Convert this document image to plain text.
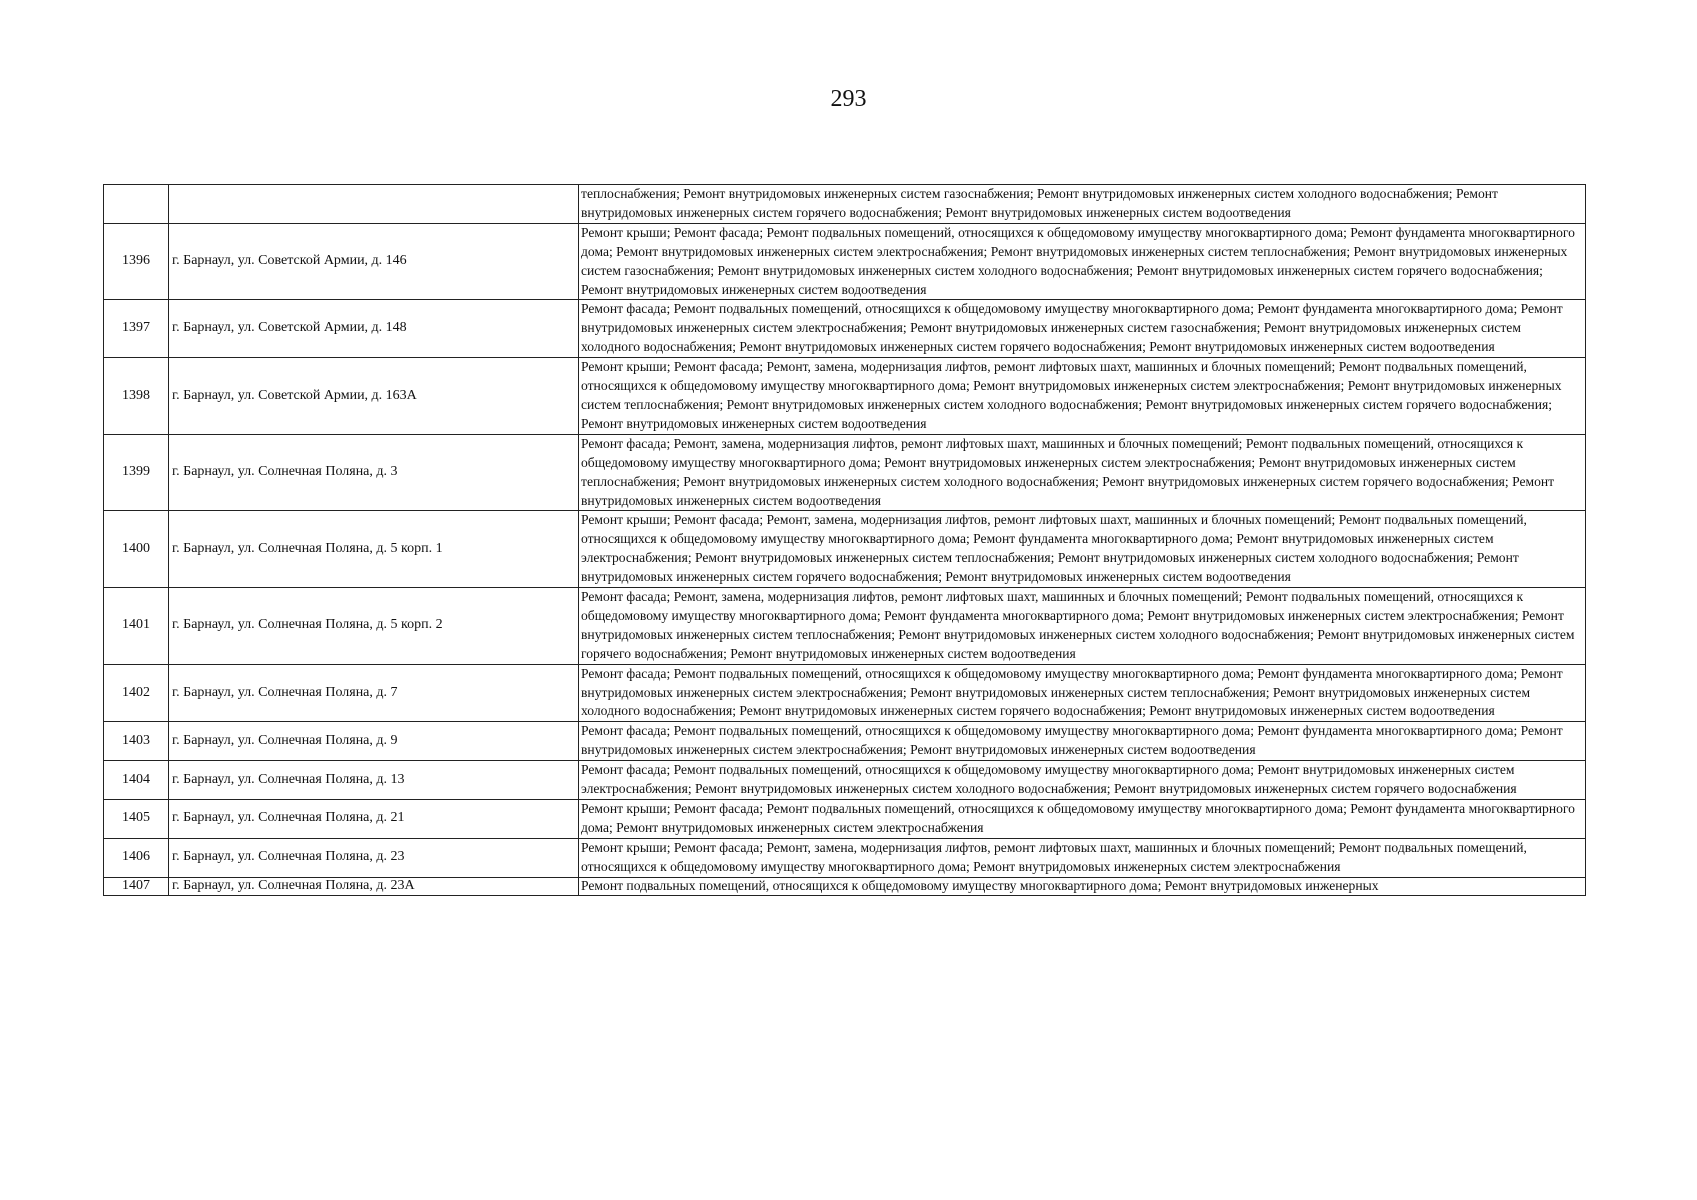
293
		теплоснабжения; Ремонт внутридомовых инженерных систем газоснабжения; Ремонт внутридомовых инженерных систем холодного водоснабжения; Ремонт внутридомовых инженерных систем горячего водоснабжения; Ремонт внутридомовых инженерных систем водоотведения
1396	г. Барнаул, ул. Советской Армии, д. 146	Ремонт крыши; Ремонт фасада; Ремонт подвальных помещений, относящихся к общедомовому имуществу многоквартирного дома; Ремонт фундамента многоквартирного дома; Ремонт внутридомовых инженерных систем электроснабжения; Ремонт внутридомовых инженерных систем теплоснабжения; Ремонт внутридомовых инженерных систем газоснабжения; Ремонт внутридомовых инженерных систем холодного водоснабжения; Ремонт внутридомовых инженерных систем горячего водоснабжения; Ремонт внутридомовых инженерных систем водоотведения
1397	г. Барнаул, ул. Советской Армии, д. 148	Ремонт фасада; Ремонт подвальных помещений, относящихся к общедомовому имуществу многоквартирного дома; Ремонт фундамента многоквартирного дома; Ремонт внутридомовых инженерных систем электроснабжения; Ремонт внутридомовых инженерных систем газоснабжения; Ремонт внутридомовых инженерных систем холодного водоснабжения; Ремонт внутридомовых инженерных систем горячего водоснабжения; Ремонт внутридомовых инженерных систем водоотведения
1398	г. Барнаул, ул. Советской Армии, д. 163А	Ремонт крыши; Ремонт фасада; Ремонт, замена, модернизация лифтов, ремонт лифтовых шахт, машинных и блочных помещений; Ремонт подвальных помещений, относящихся к общедомовому имуществу многоквартирного дома; Ремонт внутридомовых инженерных систем электроснабжения; Ремонт внутридомовых инженерных систем теплоснабжения; Ремонт внутридомовых инженерных систем холодного водоснабжения; Ремонт внутридомовых инженерных систем горячего водоснабжения; Ремонт внутридомовых инженерных систем водоотведения
1399	г. Барнаул, ул. Солнечная Поляна, д. 3	Ремонт фасада; Ремонт, замена, модернизация лифтов, ремонт лифтовых шахт, машинных и блочных помещений; Ремонт подвальных помещений, относящихся к общедомовому имуществу многоквартирного дома; Ремонт внутридомовых инженерных систем электроснабжения; Ремонт внутридомовых инженерных систем теплоснабжения; Ремонт внутридомовых инженерных систем холодного водоснабжения; Ремонт внутридомовых инженерных систем горячего водоснабжения; Ремонт внутридомовых инженерных систем водоотведения
1400	г. Барнаул, ул. Солнечная Поляна, д. 5 корп. 1	Ремонт крыши; Ремонт фасада; Ремонт, замена, модернизация лифтов, ремонт лифтовых шахт, машинных и блочных помещений; Ремонт подвальных помещений, относящихся к общедомовому имуществу многоквартирного дома; Ремонт фундамента многоквартирного дома; Ремонт внутридомовых инженерных систем электроснабжения; Ремонт внутридомовых инженерных систем теплоснабжения; Ремонт внутридомовых инженерных систем холодного водоснабжения; Ремонт внутридомовых инженерных систем горячего водоснабжения; Ремонт внутридомовых инженерных систем водоотведения
1401	г. Барнаул, ул. Солнечная Поляна, д. 5 корп. 2	Ремонт фасада; Ремонт, замена, модернизация лифтов, ремонт лифтовых шахт, машинных и блочных помещений; Ремонт подвальных помещений, относящихся к общедомовому имуществу многоквартирного дома; Ремонт фундамента многоквартирного дома; Ремонт внутридомовых инженерных систем электроснабжения; Ремонт внутридомовых инженерных систем теплоснабжения; Ремонт внутридомовых инженерных систем холодного водоснабжения; Ремонт внутридомовых инженерных систем горячего водоснабжения; Ремонт внутридомовых инженерных систем водоотведения
1402	г. Барнаул, ул. Солнечная Поляна, д. 7	Ремонт фасада; Ремонт подвальных помещений, относящихся к общедомовому имуществу многоквартирного дома; Ремонт фундамента многоквартирного дома; Ремонт внутридомовых инженерных систем электроснабжения; Ремонт внутридомовых инженерных систем теплоснабжения; Ремонт внутридомовых инженерных систем холодного водоснабжения; Ремонт внутридомовых инженерных систем горячего водоснабжения; Ремонт внутридомовых инженерных систем водоотведения
1403	г. Барнаул, ул. Солнечная Поляна, д. 9	Ремонт фасада; Ремонт подвальных помещений, относящихся к общедомовому имуществу многоквартирного дома; Ремонт фундамента многоквартирного дома; Ремонт внутридомовых инженерных систем электроснабжения; Ремонт внутридомовых инженерных систем водоотведения
1404	г. Барнаул, ул. Солнечная Поляна, д. 13	Ремонт фасада; Ремонт подвальных помещений, относящихся к общедомовому имуществу многоквартирного дома; Ремонт внутридомовых инженерных систем электроснабжения; Ремонт внутридомовых инженерных систем холодного водоснабжения; Ремонт внутридомовых инженерных систем горячего водоснабжения
1405	г. Барнаул, ул. Солнечная Поляна, д. 21	Ремонт крыши; Ремонт фасада; Ремонт подвальных помещений, относящихся к общедомовому имуществу многоквартирного дома; Ремонт фундамента многоквартирного дома; Ремонт внутридомовых инженерных систем электроснабжения
1406	г. Барнаул, ул. Солнечная Поляна, д. 23	Ремонт крыши; Ремонт фасада; Ремонт, замена, модернизация лифтов, ремонт лифтовых шахт, машинных и блочных помещений; Ремонт подвальных помещений, относящихся к общедомовому имуществу многоквартирного дома; Ремонт внутридомовых инженерных систем электроснабжения
1407	г. Барнаул, ул. Солнечная Поляна, д. 23А	Ремонт подвальных помещений, относящихся к общедомовому имуществу многоквартирного дома; Ремонт внутридомовых инженерных
